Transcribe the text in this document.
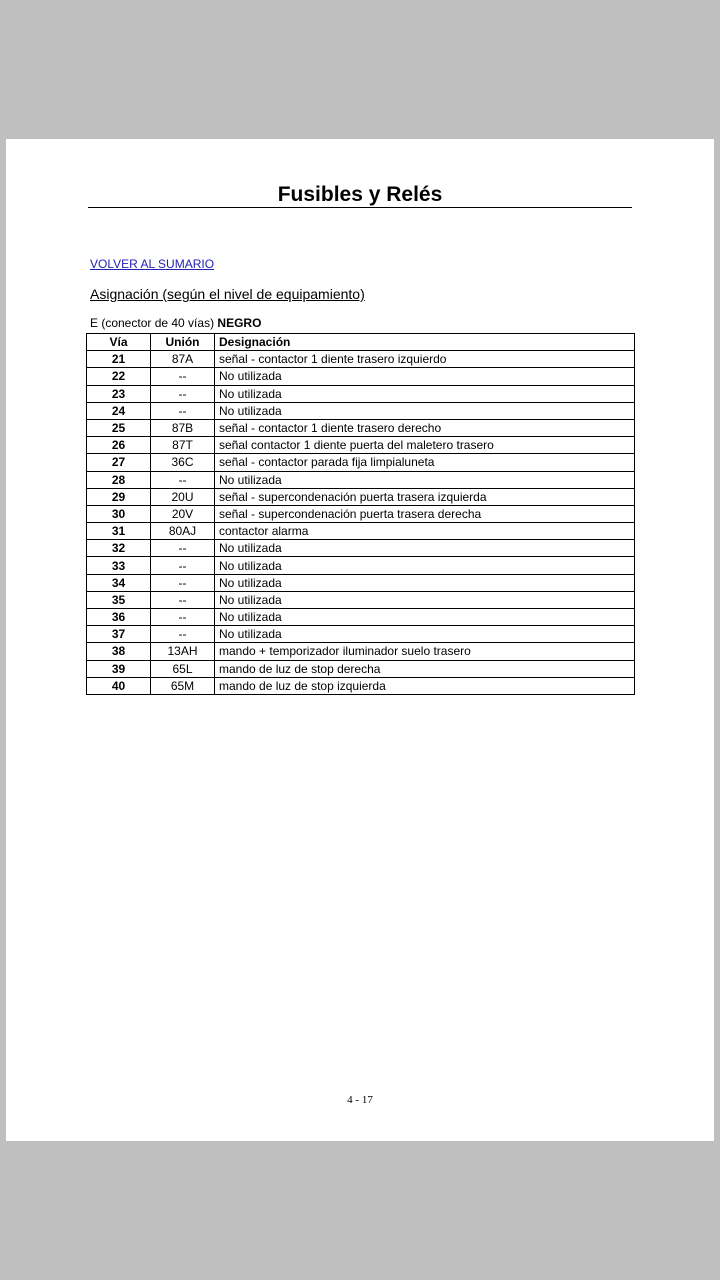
Fusibles y Relés
VOLVER AL SUMARIO
Asignación (según el nivel de equipamiento)
E (conector de 40 vías) NEGRO
Vía	Unión	Designación
21	87A	señal - contactor 1 diente trasero izquierdo
22	--	No utilizada
23	--	No utilizada
24	--	No utilizada
25	87B	señal - contactor 1 diente trasero derecho
26	87T	señal contactor 1 diente puerta del maletero trasero
27	36C	señal - contactor parada fija limpialuneta
28	--	No utilizada
29	20U	señal - supercondenación puerta trasera izquierda
30	20V	señal - supercondenación puerta trasera derecha
31	80AJ	contactor alarma
32	--	No utilizada
33	--	No utilizada
34	--	No utilizada
35	--	No utilizada
36	--	No utilizada
37	--	No utilizada
38	13AH	mando + temporizador iluminador suelo trasero
39	65L	mando de luz de stop derecha
40	65M	mando de luz de stop izquierda
4 - 17
